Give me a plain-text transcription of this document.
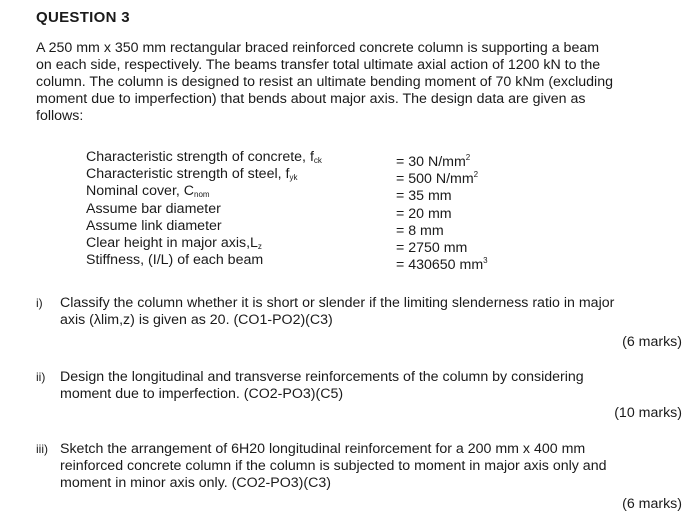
QUESTION 3
A 250 mm x 350 mm rectangular braced reinforced concrete column is supporting a beam
on each side, respectively. The beams transfer total ultimate axial action of 1200 kN to the
column. The column is designed to resist an ultimate bending moment of 70 kNm (excluding
moment due to imperfection) that bends about major axis. The design data are given as
follows:
Characteristic strength of concrete, $f_{ck}$	= 30 $N/mm^2$
Characteristic strength of steel, $f_{yk}$	= 500 $N/mm^2$
Nominal cover, $C_{nom}$	= 35 mm
Assume bar diameter	= 20 mm
Assume link diameter	= 8 mm
Clear height in major $axis,L_z$	= 2750 mm
Stiffness, (I/L) of each beam	= 430650 $mm^3$
i) Classify the column whether it is short or slender if the limiting slenderness ratio in major
axis (λlim,z) is given as 20. (CO1-PO2)(C3)
(6 marks)
ii) Design the longitudinal and transverse reinforcements of the column by considering
moment due to imperfection. (CO2-PO3)(C5)
(10 marks)
iii) Sketch the arrangement of 6H20 longitudinal reinforcement for a 200 mm x 400 mm
reinforced concrete column if the column is subjected to moment in major axis only and
moment in minor axis only. (CO2-PO3)(C3)
(6 marks)
